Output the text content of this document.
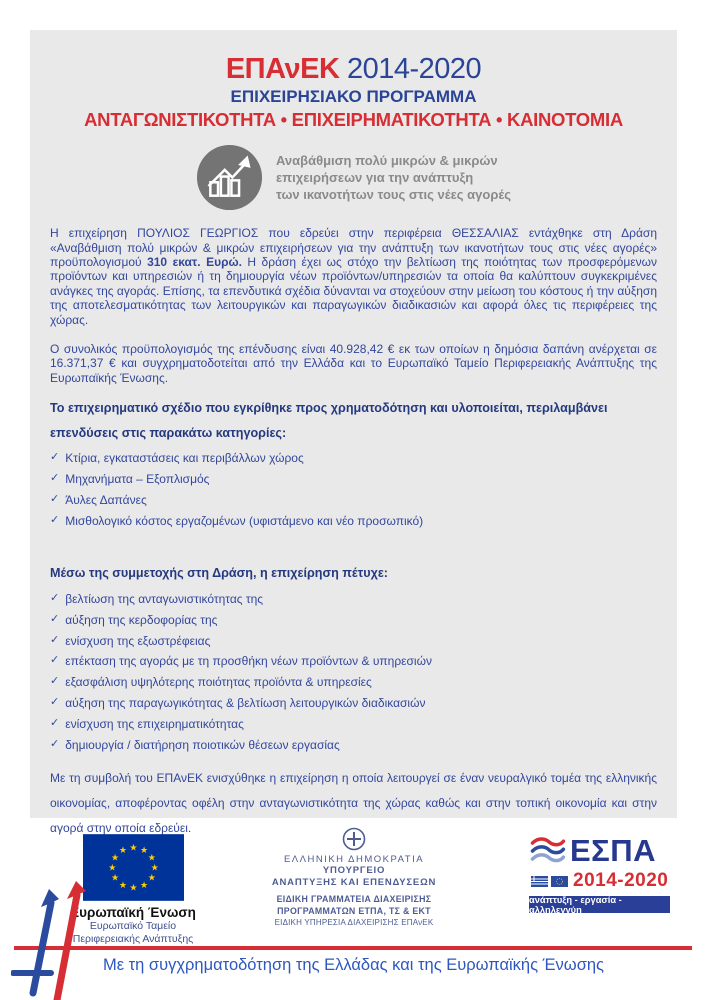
ΕΠΑνΕΚ 2014-2020
ΕΠΙΧΕΙΡΗΣΙΑΚΟ ΠΡΟΓΡΑΜΜΑ
ΑΝΤΑΓΩΝΙΣΤΙΚΟΤΗΤΑ • ΕΠΙΧΕΙΡΗΜΑΤΙΚΟΤΗΤΑ • ΚΑΙΝΟΤΟΜΙΑ
Αναβάθμιση πολύ μικρών & μικρών
επιχειρήσεων για την ανάπτυξη
των ικανοτήτων τους στις νέες αγορές
Η επιχείρηση ΠΟΥΛΙΟΣ ΓΕΩΡΓΙΟΣ που εδρεύει στην περιφέρεια ΘΕΣΣΑΛΙΑΣ εντάχθηκε στη Δράση «Αναβάθμιση πολύ μικρών & μικρών επιχειρήσεων για την ανάπτυξη των ικανοτήτων τους στις νέες αγορές» προϋπολογισμού 310 εκατ. Ευρώ. Η δράση έχει ως στόχο την βελτίωση της ποιότητας των προσφερόμενων προϊόντων και υπηρεσιών ή τη δημιουργία νέων προϊόντων/υπηρεσιών τα οποία θα καλύπτουν συγκεκριμένες ανάγκες της αγοράς. Επίσης, τα επενδυτικά σχέδια δύνανται να στοχεύουν στην μείωση του κόστους ή την αύξηση της αποτελεσματικότητας των λειτουργικών και παραγωγικών διαδικασιών και αφορά όλες τις περιφέρειες της χώρας.
Ο συνολικός προϋπολογισμός της επένδυσης είναι 40.928,42 € εκ των οποίων η δημόσια δαπάνη ανέρχεται σε 16.371,37 € και συγχρηματοδοτείται από την Ελλάδα και το Ευρωπαϊκό Ταμείο Περιφερειακής Ανάπτυξης της Ευρωπαϊκής Ένωσης.
Το επιχειρηματικό σχέδιο που εγκρίθηκε προς χρηματοδότηση και υλοποιείται, περιλαμβάνει επενδύσεις στις παρακάτω κατηγορίες:
✓ Κτίρια, εγκαταστάσεις και περιβάλλων χώρος
✓ Μηχανήματα – Εξοπλισμός
✓ Άυλες Δαπάνες
✓ Μισθολογικό κόστος εργαζομένων (υφιστάμενο και νέο προσωπικό)
Μέσω της συμμετοχής στη Δράση, η επιχείρηση πέτυχε:
✓ βελτίωση της ανταγωνιστικότητας της
✓ αύξηση της κερδοφορίας της
✓ ενίσχυση της εξωστρέφειας
✓ επέκταση της αγοράς με τη προσθήκη νέων προϊόντων & υπηρεσιών
✓ εξασφάλιση υψηλότερης ποιότητας προϊόντα & υπηρεσίες
✓ αύξηση της παραγωγικότητας & βελτίωση λειτουργικών διαδικασιών
✓ ενίσχυση της επιχειρηματικότητας
✓ δημιουργία / διατήρηση ποιοτικών θέσεων εργασίας
Με τη συμβολή του ΕΠΑνΕΚ ενισχύθηκε η επιχείρηση η οποία λειτουργεί σε έναν νευραλγικό τομέα της ελληνικής οικονομίας, αποφέροντας οφέλη στην ανταγωνιστικότητα της χώρας καθώς και στην τοπική οικονομία και στην αγορά στην οποία εδρεύει.
★ ★
★
★
★
★
★
★
★
★
★
★
Ευρωπαϊκή Ένωση
Ευρωπαϊκό Ταμείο
Περιφερειακής Ανάπτυξης
ΕΛΛΗΝΙΚΗ ΔΗΜΟΚΡΑΤΙΑ
ΥΠΟΥΡΓΕΙΟ
ΑΝΑΠΤΥΞΗΣ ΚΑΙ ΕΠΕΝΔΥΣΕΩΝ
ΕΙΔΙΚΗ ΓΡΑΜΜΑΤΕΙΑ ΔΙΑΧΕΙΡΙΣΗΣ
ΠΡΟΓΡΑΜΜΑΤΩΝ ΕΤΠΑ, ΤΣ & ΕΚΤ
ΕΙΔΙΚΗ ΥΠΗΡΕΣΙΑ ΔΙΑΧΕΙΡΙΣΗΣ ΕΠΑνΕΚ
ΕΣΠΑ
2014-2020
ανάπτυξη - εργασία - αλληλεγγύη
Με τη συγχρηματοδότηση της Ελλάδας και της Ευρωπαϊκής Ένωσης
